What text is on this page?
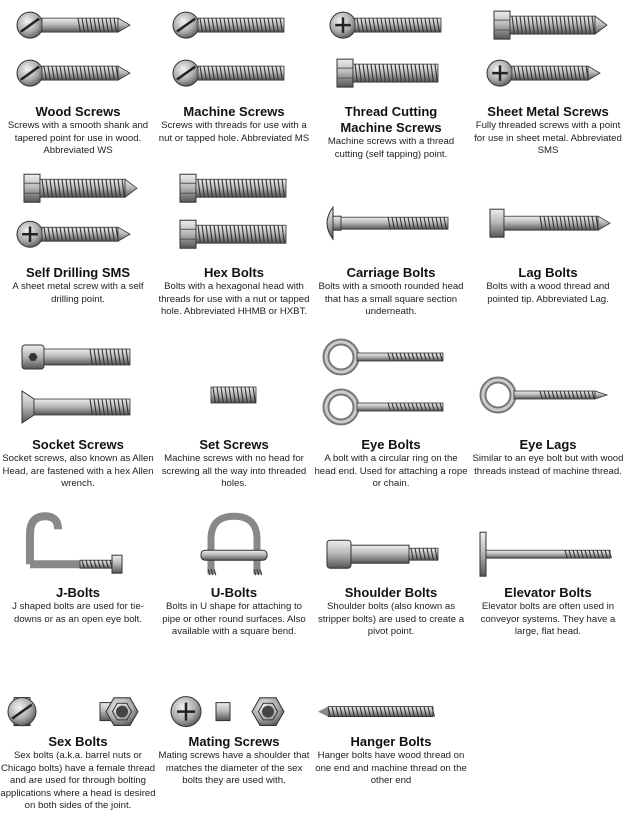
Wood Screws

Screws with a smooth shank and tapered point for use in wood. Abbreviated WS

Machine Screws

Screws with threads for use with a nut or tapped hole. Abbreviated MS

Thread Cutting Machine Screws

Machine screws with a thread cutting (self tapping) point.

Sheet Metal Screws

Fully threaded screws with a point for use in sheet metal. Abbreviated SMS

Self Drilling SMS

A sheet metal screw with a self drilling point.

Hex Bolts

Bolts with a hexagonal head with threads for use with a nut or tapped hole. Abbreviated HHMB or HXBT.

Carriage Bolts

Bolts with a smooth rounded head that has a small square section underneath.

Lag Bolts

Bolts with a wood thread and pointed tip. Abbreviated Lag.

Socket Screws

Socket screws, also known as Allen Head, are fastened with a hex Allen wrench.

Set Screws

Machine screws with no head for screwing all the way into threaded holes.

Eye Bolts

A bolt with a circular ring on the head end. Used for attaching a rope or chain.

Eye Lags

Similar to an eye bolt but with wood threads instead of machine thread.

J-Bolts

J shaped bolts are used for tie-downs or as an open eye bolt.

U-Bolts

Bolts in U shape for attaching to pipe or other round surfaces. Also available with a square bend.

Shoulder Bolts

Shoulder bolts (also known as stripper bolts) are used to create a pivot point.

Elevator Bolts

Elevator bolts are often used in conveyor systems. They have a large, flat head.

Sex Bolts

Sex bolts (a.k.a. barrel nuts or Chicago bolts) have a female thread and are used for through bolting applications where a head is desired on both sides of the joint.

Mating Screws

Mating screws have a shoulder that matches the diameter of the sex bolts they are used with.

Hanger Bolts

Hanger bolts have wood thread on one end and machine thread on the other end
